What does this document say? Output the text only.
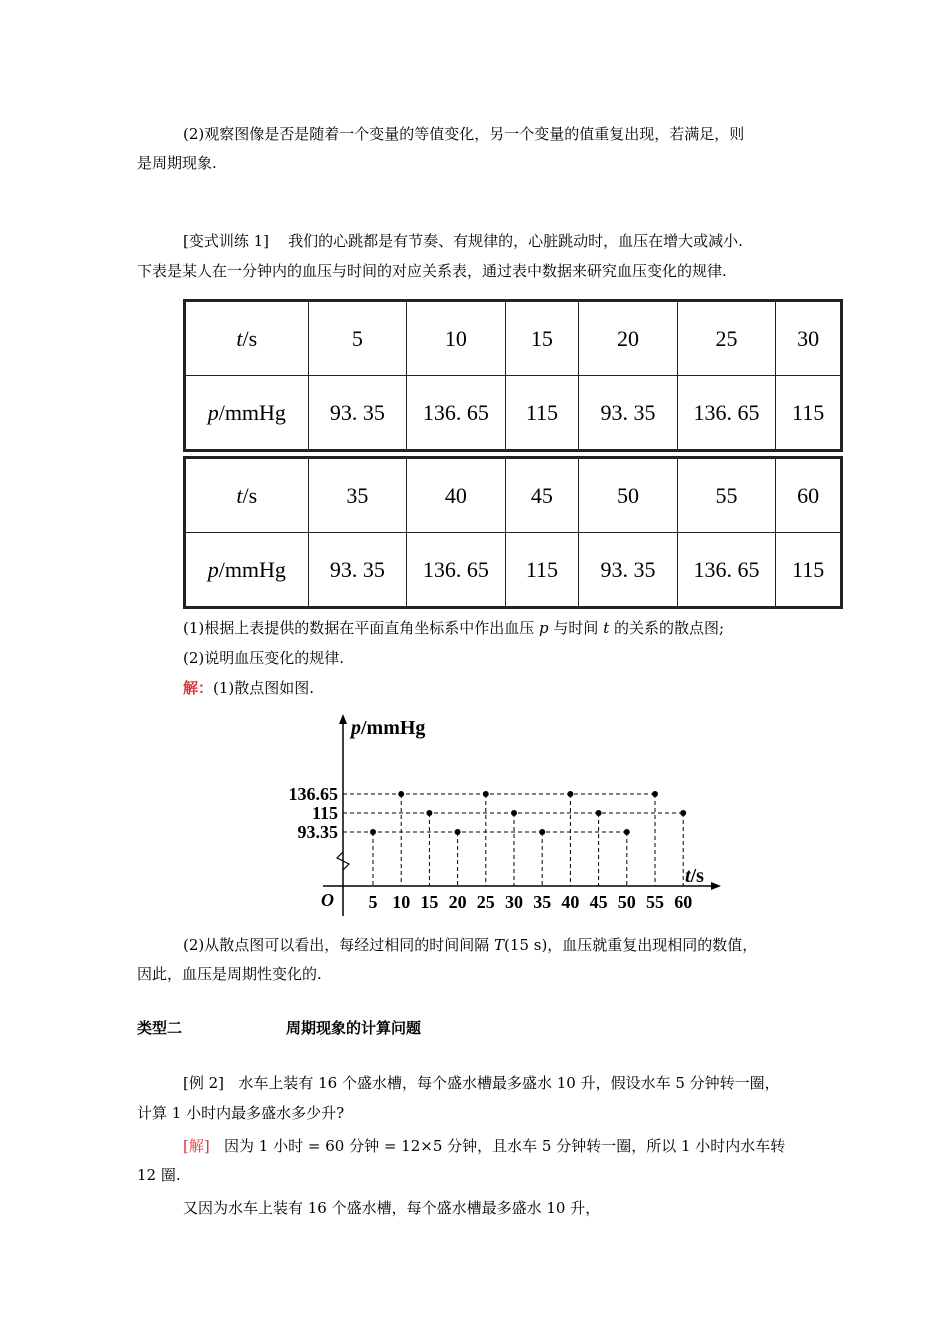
(2)观察图像是否是随着一个变量的等值变化，另一个变量的值重复出现，若满足，则
是周期现象.
[变式训练 1] 我们的心跳都是有节奏、有规律的，心脏跳动时，血压在增大或减小.
下表是某人在一分钟内的血压与时间的对应关系表，通过表中数据来研究血压变化的规律.
t/s	5	10	15	20	25	30
p/mmHg	93. 35	136. 65	115	93. 35	136. 65	115
t/s	35	40	45	50	55	60
p/mmHg	93. 35	136. 65	115	93. 35	136. 65	115
(1)根据上表提供的数据在平面直角坐标系中作出血压 p 与时间 t 的关系的散点图;
(2)说明血压变化的规律.
解：(1)散点图如图.
p/mmHg
t/s
O
136.65
115
93.35
5 10 15 20 25 30 35 40 45 50 55 60
(2)从散点图可以看出，每经过相同的时间间隔 T(15 s)，血压就重复出现相同的数值，
因此，血压是周期性变化的.
类型二	周期现象的计算问题
[例 2] 水车上装有 16 个盛水槽，每个盛水槽最多盛水 10 升，假设水车 5 分钟转一圈，
计算 1 小时内最多盛水多少升?
[解] 因为 1 小时 = 60 分钟 = 12×5 分钟，且水车 5 分钟转一圈，所以 1 小时内水车转
12 圈.
又因为水车上装有 16 个盛水槽，每个盛水槽最多盛水 10 升，
